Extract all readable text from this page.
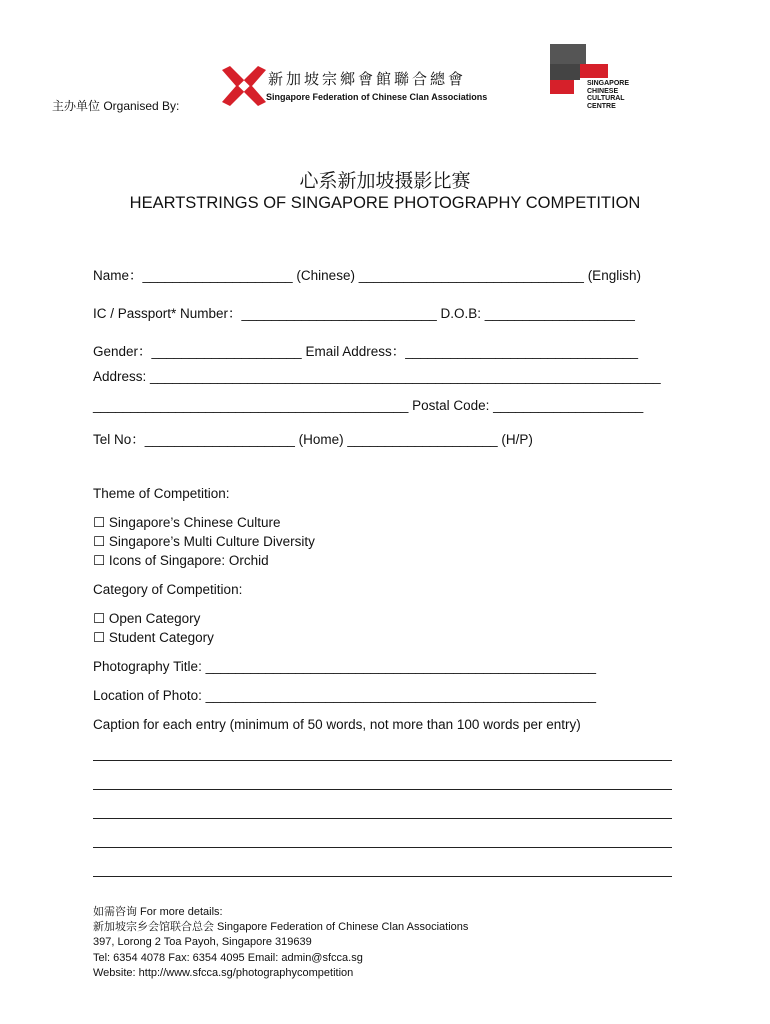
主办单位 Organised By:
新加坡宗鄉會館聯合總會
Singapore Federation of Chinese Clan Associations
SINGAPORE
CHINESE
CULTURAL
CENTRE
心系新加坡摄影比赛
HEARTSTRINGS OF SINGAPORE PHOTOGRAPHY COMPETITION
Name：____________________ (Chinese) ______________________________ (English)
IC / Passport* Number：__________________________ D.O.B: ____________________
Gender：____________________ Email Address：_______________________________
Address: ____________________________________________________________________
__________________________________________ Postal Code: ____________________
Tel No：____________________ (Home) ____________________ (H/P)
Theme of Competition:
☐ Singapore’s Chinese Culture
☐ Singapore’s Multi Culture Diversity
☐ Icons of Singapore: Orchid
Category of Competition:
☐ Open Category
☐ Student Category
Photography Title: ____________________________________________________
Location of Photo: ____________________________________________________
Caption for each entry (minimum of 50 words, not more than 100 words per entry)
如需咨询 For more details:
新加坡宗乡会馆联合总会 Singapore Federation of Chinese Clan Associations
397, Lorong 2 Toa Payoh, Singapore 319639
Tel: 6354 4078 Fax: 6354 4095 Email: admin@sfcca.sg
Website: http://www.sfcca.sg/photographycompetition
